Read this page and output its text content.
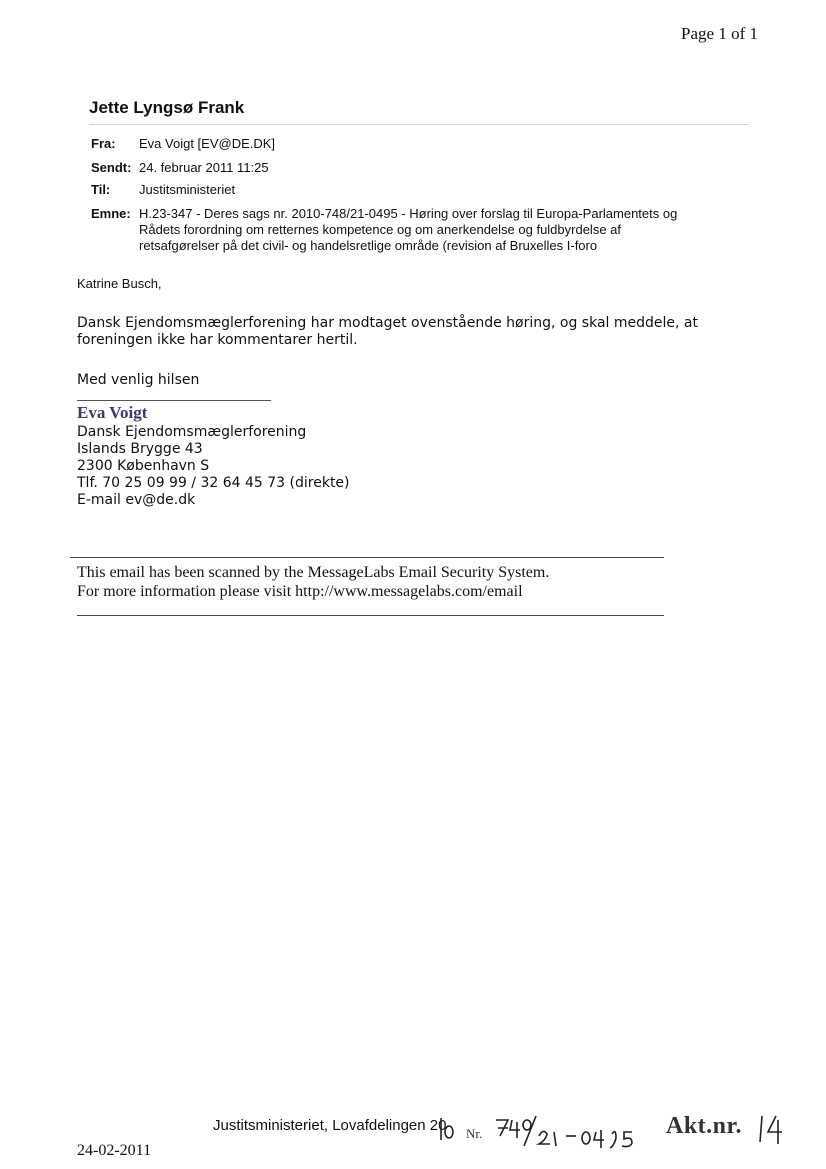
Page 1 of 1
Jette Lyngsø Frank
Fra: Eva Voigt [EV@DE.DK]
Sendt: 24. februar 2011 11:25
Til: Justitsministeriet
Emne: H.23-347 - Deres sags nr. 2010-748/21-0495 - Høring over forslag til Europa-Parlamentets og
Rådets forordning om retternes kompetence og om anerkendelse og fuldbyrdelse af
retsafgørelser på det civil- og handelsretlige område (revision af Bruxelles I-foro
Katrine Busch,
Dansk Ejendomsmæglerforening har modtaget ovenstående høring, og skal meddele, at
foreningen ikke har kommentarer hertil.
Med venlig hilsen
Eva Voigt
Dansk Ejendomsmæglerforening
Islands Brygge 43
2300 København S
Tlf. 70 25 09 99 / 32 64 45 73 (direkte)
E-mail ev@de.dk
This email has been scanned by the MessageLabs Email Security System.
For more information please visit http://www.messagelabs.com/email
Justitsministeriet, Lovafdelingen 20 Nr.	Akt.nr.
24-02-2011
